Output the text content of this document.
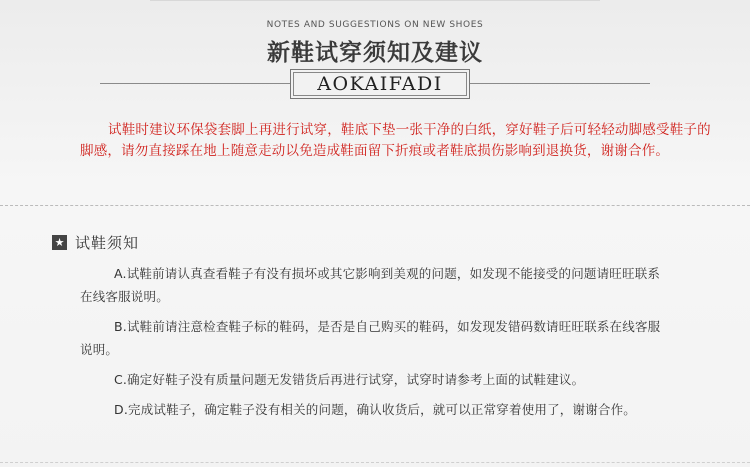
NOTES AND SUGGESTIONS ON NEW SHOES
新鞋试穿须知及建议
AOKAIFADI
试鞋时建议环保袋套脚上再进行试穿，鞋底下垫一张干净的白纸，穿好鞋子后可轻轻动脚感受鞋子的脚感，请勿直接踩在地上随意走动以免造成鞋面留下折痕或者鞋底损伤影响到退换货，谢谢合作。
★ 试鞋须知
A.试鞋前请认真查看鞋子有没有损坏或其它影响到美观的问题，如发现不能接受的问题请旺旺联系在线客服说明。
B.试鞋前请注意检查鞋子标的鞋码，是否是自己购买的鞋码，如发现发错码数请旺旺联系在线客服说明。
C.确定好鞋子没有质量问题无发错货后再进行试穿，试穿时请参考上面的试鞋建议。
D.完成试鞋子，确定鞋子没有相关的问题，确认收货后，就可以正常穿着使用了，谢谢合作。
